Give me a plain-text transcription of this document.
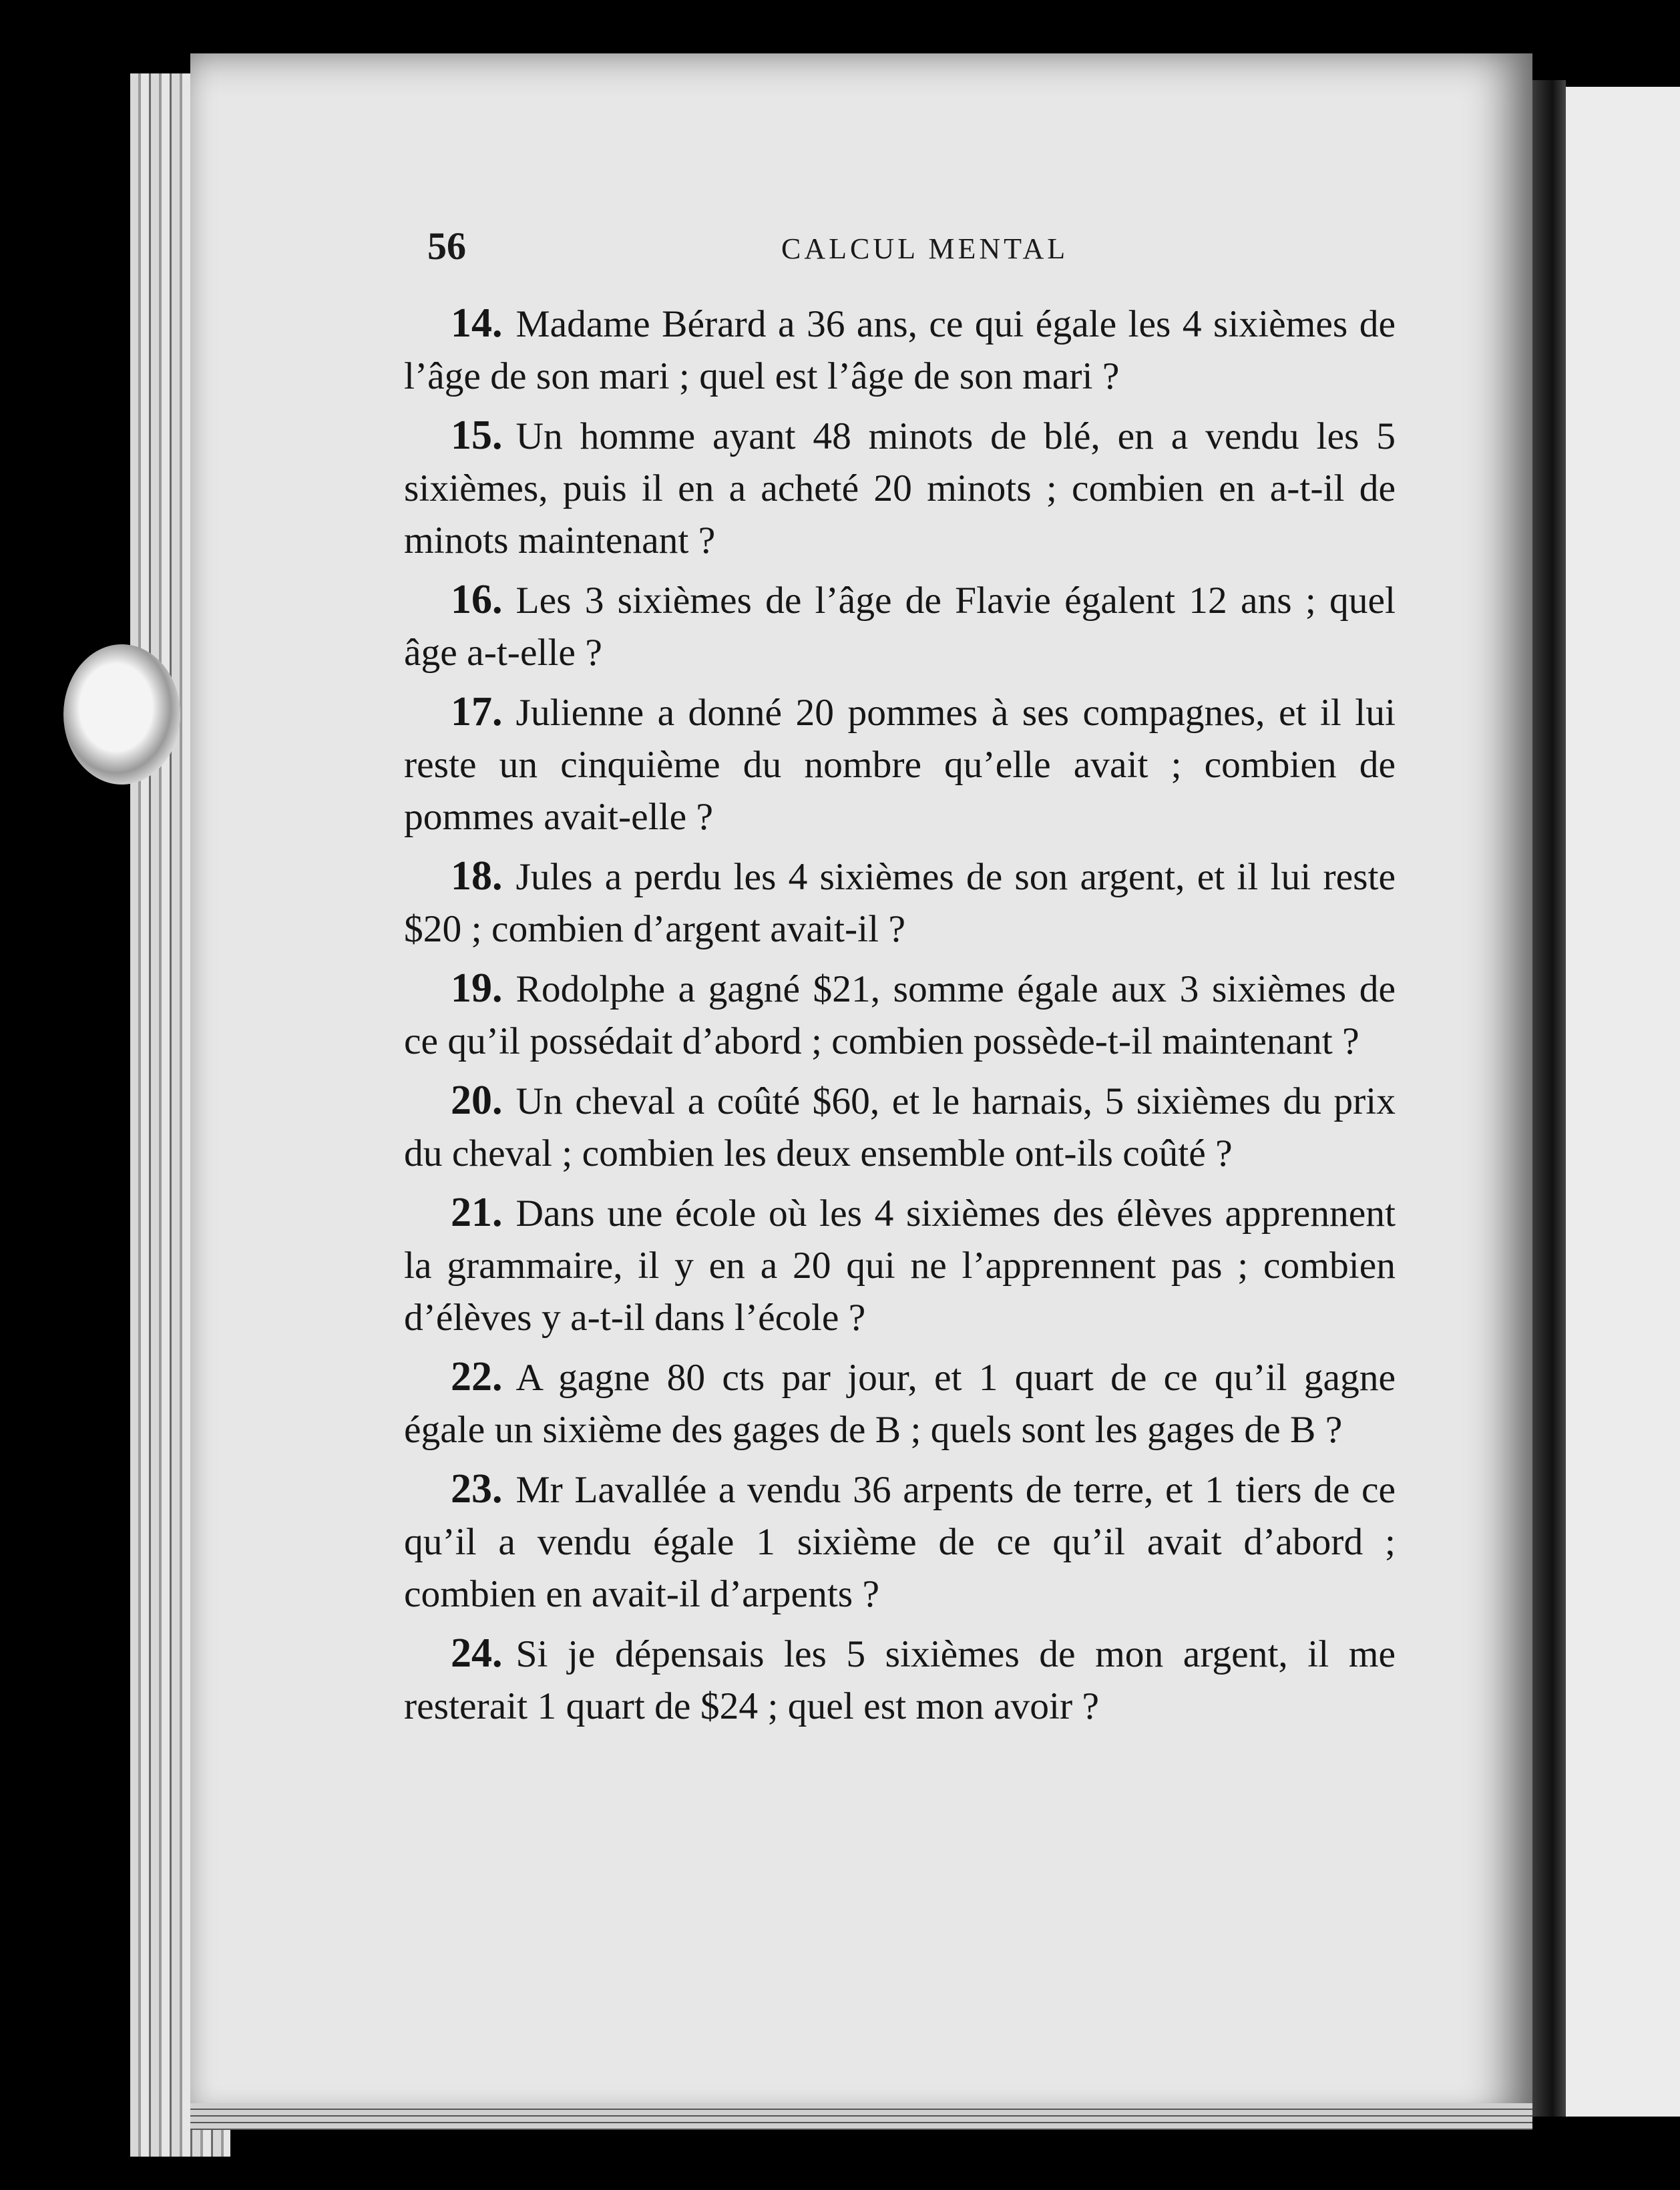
56	CALCUL MENTAL

14. Madame Bérard a 36 ans, ce qui égale les 4 sixièmes de l’âge de son mari ; quel est l’âge de son mari ?

15. Un homme ayant 48 minots de blé, en a vendu les 5 sixièmes, puis il en a acheté 20 minots ; combien en a-t-il de minots maintenant ?

16. Les 3 sixièmes de l’âge de Flavie égalent 12 ans ; quel âge a-t-elle ?

17. Julienne a donné 20 pommes à ses compagnes, et il lui reste un cinquième du nombre qu’elle avait ; combien de pommes avait-elle ?

18. Jules a perdu les 4 sixièmes de son argent, et il lui reste $20 ; combien d’argent avait-il ?

19. Rodolphe a gagné $21, somme égale aux 3 sixièmes de ce qu’il possédait d’abord ; combien possède-t-il maintenant ?

20. Un cheval a coûté $60, et le harnais, 5 sixièmes du prix du cheval ; combien les deux ensemble ont-ils coûté ?

21. Dans une école où les 4 sixièmes des élèves apprennent la grammaire, il y en a 20 qui ne l’apprennent pas ; combien d’élèves y a-t-il dans l’école ?

22. A gagne 80 cts par jour, et 1 quart de ce qu’il gagne égale un sixième des gages de B ; quels sont les gages de B ?

23. Mr Lavallée a vendu 36 arpents de terre, et 1 tiers de ce qu’il a vendu égale 1 sixième de ce qu’il avait d’abord ; combien en avait-il d’arpents ?

24. Si je dépensais les 5 sixièmes de mon argent, il me resterait 1 quart de $24 ; quel est mon avoir ?
